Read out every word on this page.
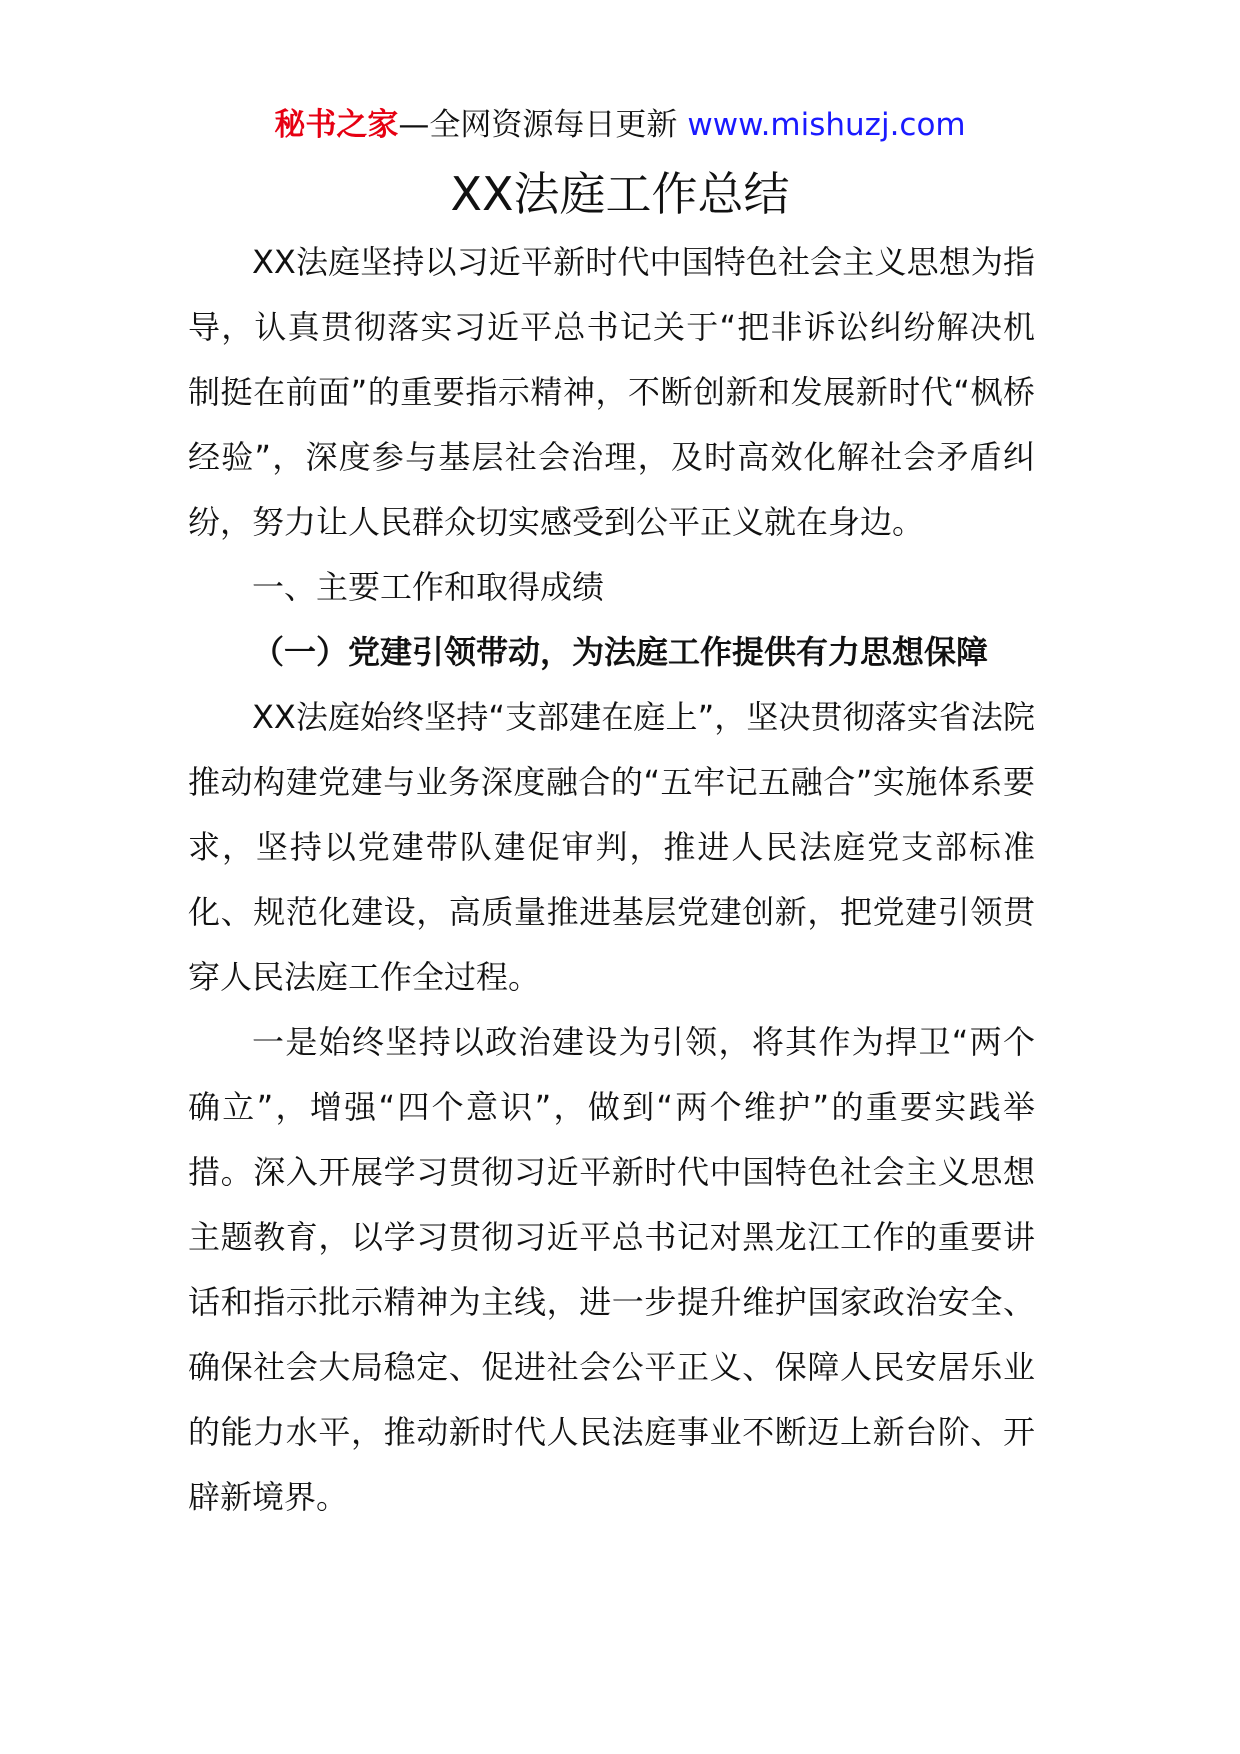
秘书之家—全网资源每日更新 www.mishuzj.com
XX法庭工作总结

XX法庭坚持以习近平新时代中国特色社会主义思想为指导，认真贯彻落实习近平总书记关于“把非诉讼纠纷解决机制挺在前面”的重要指示精神，不断创新和发展新时代“枫桥经验”，深度参与基层社会治理，及时高效化解社会矛盾纠纷，努力让人民群众切实感受到公平正义就在身边。

一、主要工作和取得成绩

（一）党建引领带动，为法庭工作提供有力思想保障

XX法庭始终坚持“支部建在庭上”，坚决贯彻落实省法院推动构建党建与业务深度融合的“五牢记五融合”实施体系要求，坚持以党建带队建促审判，推进人民法庭党支部标准化、规范化建设，高质量推进基层党建创新，把党建引领贯穿人民法庭工作全过程。

一是始终坚持以政治建设为引领，将其作为捍卫“两个确立”，增强“四个意识”，做到“两个维护”的重要实践举措。深入开展学习贯彻习近平新时代中国特色社会主义思想主题教育，以学习贯彻习近平总书记对黑龙江工作的重要讲话和指示批示精神为主线，进一步提升维护国家政治安全、确保社会大局稳定、促进社会公平正义、保障人民安居乐业的能力水平，推动新时代人民法庭事业不断迈上新台阶、开辟新境界。
